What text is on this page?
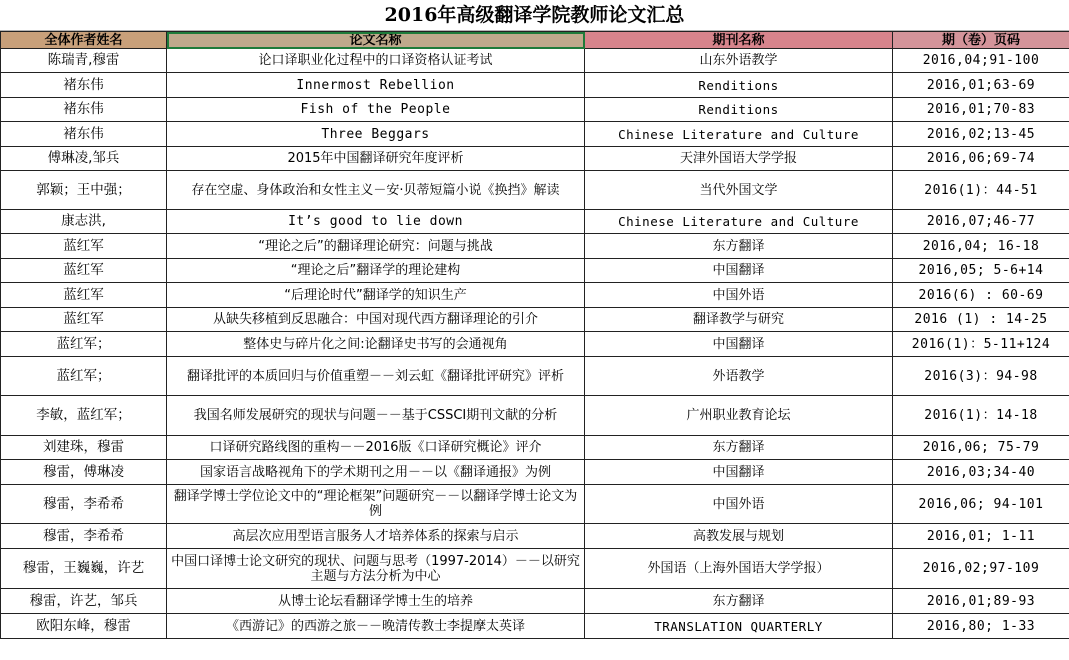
2016年高级翻译学院教师论文汇总
全体作者姓名	论文名称	期刊名称	期（卷）页码
陈瑞青,穆雷	论口译职业化过程中的口译资格认证考试	山东外语教学	2016,04;91-100
褚东伟	Innermost Rebellion	Renditions	2016,01;63-69
褚东伟	Fish of the People	Renditions	2016,01;70-83
褚东伟	Three Beggars	Chinese Literature and Culture	2016,02;13-45
傅琳凌,邹兵	2015年中国翻译研究年度评析	天津外国语大学学报	2016,06;69-74
郭颖；王中强；	存在空虚、身体政治和女性主义－安·贝蒂短篇小说《换挡》解读	当代外国文学	2016(1)：44-51
康志洪,	It’s good to lie down	Chinese Literature and Culture	2016,07;46-77
蓝红军	“理论之后”的翻译理论研究：问题与挑战	东方翻译	2016,04; 16-18
蓝红军	“理论之后”翻译学的理论建构	中国翻译	2016,05; 5-6+14
蓝红军	“后理论时代”翻译学的知识生产	中国外语	2016(6) : 60-69
蓝红军	从缺失移植到反思融合：中国对现代西方翻译理论的引介	翻译教学与研究	2016 (1) : 14-25
蓝红军；	整体史与碎片化之间:论翻译史书写的会通视角	中国翻译	2016(1)：5-11+124
蓝红军；	翻译批评的本质回归与价值重塑－－刘云虹《翻译批评研究》评析	外语教学	2016(3)：94-98
李敏，蓝红军；	我国名师发展研究的现状与问题－－基于CSSCI期刊文献的分析	广州职业教育论坛	2016(1)：14-18
刘建珠，穆雷	口译研究路线图的重构－－2016版《口译研究概论》评介	东方翻译	2016,06; 75-79
穆雷，傅琳凌	国家语言战略视角下的学术期刊之用－－以《翻译通报》为例	中国翻译	2016,03;34-40
穆雷，李希希	翻译学博士学位论文中的“理论框架”问题研究－－以翻译学博士论文为例	中国外语	2016,06; 94-101
穆雷，李希希	高层次应用型语言服务人才培养体系的探索与启示	高教发展与规划	2016,01; 1-11
穆雷，王巍巍，许艺	中国口译博士论文研究的现状、问题与思考（1997-2014）－－以研究主题与方法分析为中心	外国语（上海外国语大学学报）	2016,02;97-109
穆雷，许艺，邹兵	从博士论坛看翻译学博士生的培养	东方翻译	2016,01;89-93
欧阳东峰，穆雷	《西游记》的西游之旅－－晚清传教士李提摩太英译	TRANSLATION QUARTERLY	2016,80; 1-33
